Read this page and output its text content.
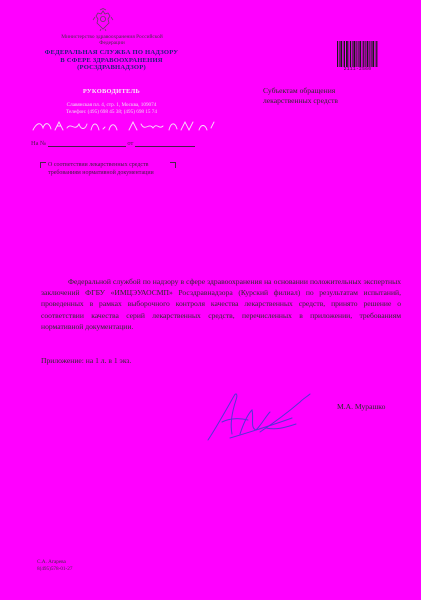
Министерство здравоохранения Российской Федерации
ФЕДЕРАЛЬНАЯ СЛУЖБА ПО НАДЗОРУ
В СФЕРЕ ЗДРАВООХРАНЕНИЯ
(РОСЗДРАВНАДЗОР)
РУКОВОДИТЕЛЬ
Славянская пл. 4, стр. 1, Москва, 109074
Телефон: (495) 698 45 38; (495) 698 15 74
На №	от
О соответствии лекарственных средств требованиям нормативной документации
2111-2560
Субъектам обращения лекарственных средств
Федеральной службой по надзору в сфере здравоохранения на основании положительных экспертных заключений ФГБУ «ИМЦЭУАОСМП» Росздравнадзора (Курский филиал) по результатам испытаний, проведенных в рамках выборочного контроля качества лекарственных средств, принято решение о соответствии качества серий лекарственных средств, перечисленных в приложении, требованиям нормативной документации.
Приложение: на 1 л. в 1 экз.
М.А. Мурашко
С.А. Агарева
8(495)578-01-27
